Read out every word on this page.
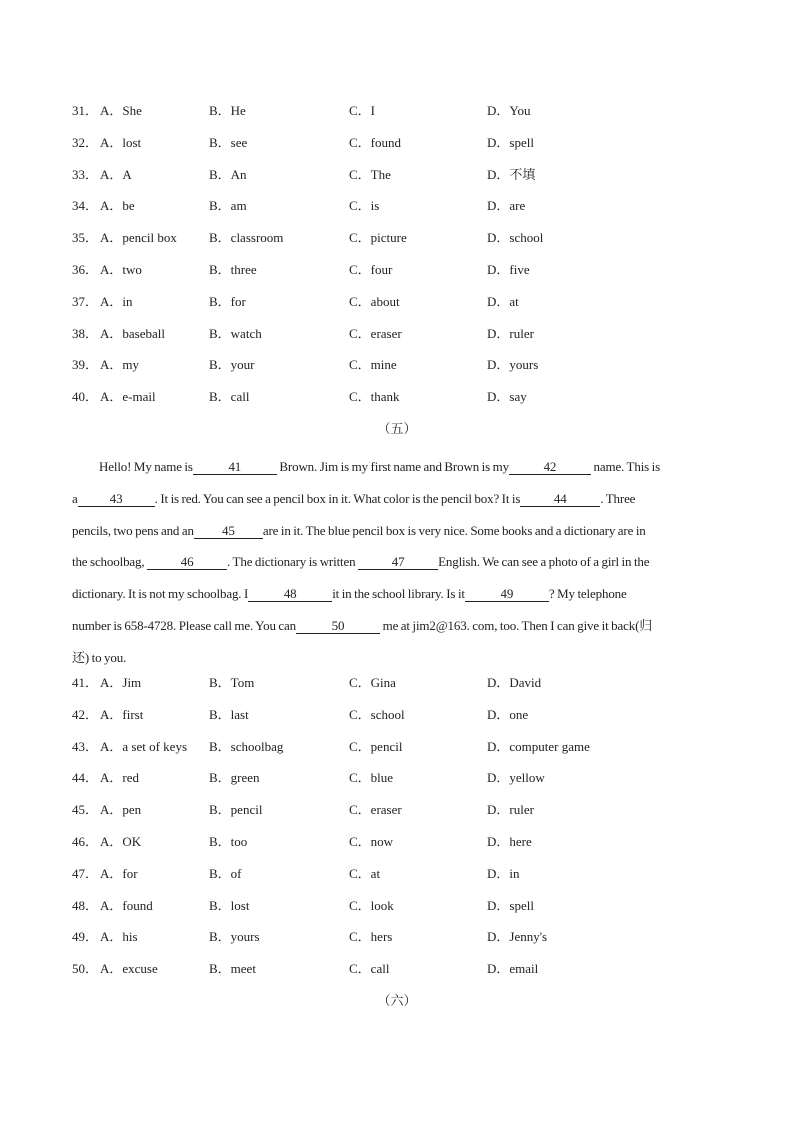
31． A．She	B．He	C．I	D．You
32． A．lost	B．see	C．found	D．spell
33． A．A	B．An	C．The	D．不填
34． A．be	B．am	C．is	D．are
35． A．pencil box B．classroom	C．picture	D．school
36． A．two	B．three	C．four	D．five
37． A．in	B．for	C．about	D．at
38． A．baseball	B．watch	C．eraser	D．ruler
39． A．my	B．your	C．mine	D．yours
40． A．e-mail	B．call	C．thank	D．say
（五）
Hello! My name is	41	Brown. Jim is my first name and Brown is my	42	name. This is
a 43 . It is red. You can see a pencil box in it. What color is the pencil box? It is	44	. Three
pencils, two pens and an 45 are in it. The blue pencil box is very nice. Some books and a dictionary are in
the schoolbag,	46	. The dictionary is written	47	English. We can see a photo of a girl in the
dictionary. It is not my schoolbag. I	48	it in the school library. Is it	49	? My telephone
number is 658-4728. Please call me. You can	50	me at jim2@163. com, too. Then I can give it back(归
还) to you.
41． A．Jim	B．Tom	C．Gina	D．David
42． A．first	B．last	C．school	D．one
43． A．a set of keys B．schoolbag	C．pencil	D．computer game
44． A．red	B．green	C．blue	D．yellow
45． A．pen	B．pencil	C．eraser	D．ruler
46． A．OK	B．too	C．now	D．here
47． A．for	B．of	C．at	D．in
48． A．found	B．lost	C．look	D．spell
49． A．his	B．yours	C．hers	D．Jenny's
50． A．excuse	B．meet	C．call	D．email
（六）
